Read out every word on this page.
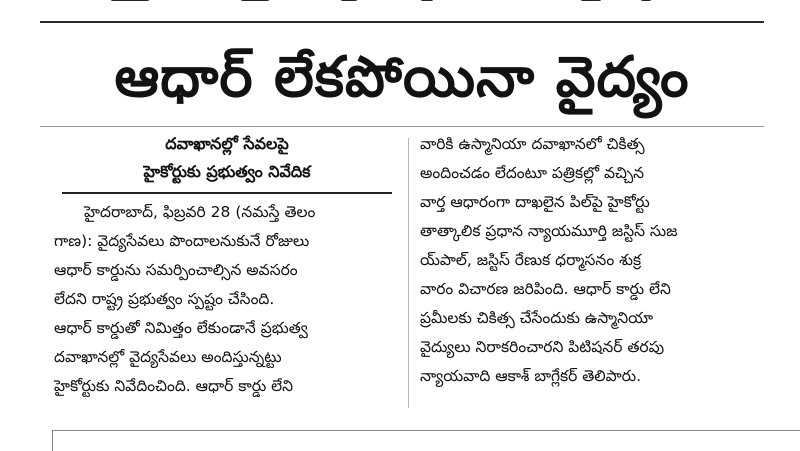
ఆధార్ లేకపోయినా వైద్యం
దవాఖానల్లో సేవలపై
హైకోర్టుకు ప్రభుత్వం నివేదిక
హైదరాబాద్, ఫిబ్రవరి 28 (నమస్తే తెలం
గాణ): వైద్యసేవలు పొందాలనుకునే రోజులు
ఆధార్ కార్డును సమర్పించాల్సిన అవసరం
లేదని రాష్ట్ర ప్రభుత్వం స్పష్టం చేసింది.
ఆధార్ కార్డుతో నిమిత్తం లేకుండానే ప్రభుత్వ
దవాఖానల్లో వైద్యసేవలు అందిస్తున్నట్టు
హైకోర్టుకు నివేదించింది. ఆధార్ కార్డు లేని
వారికి ఉస్మానియా దవాఖానలో చికిత్స
అందించడం లేదంటూ పత్రికల్లో వచ్చిన
వార్త ఆధారంగా దాఖలైన పిల్‌పై హైకోర్టు
తాత్కాలిక ప్రధాన న్యాయమూర్తి జస్టిస్ సుజ
య్‌పాల్, జస్టిస్ రేణుక ధర్మాసనం శుక్ర
వారం విచారణ జరిపింది. ఆధార్ కార్డు లేని
ప్రమీలకు చికిత్స చేసేందుకు ఉస్మానియా
వైద్యులు నిరాకరించారని పిటిషనర్ తరపు
న్యాయవాది ఆకాశ్ బాగ్లేకర్ తెలిపారు.
